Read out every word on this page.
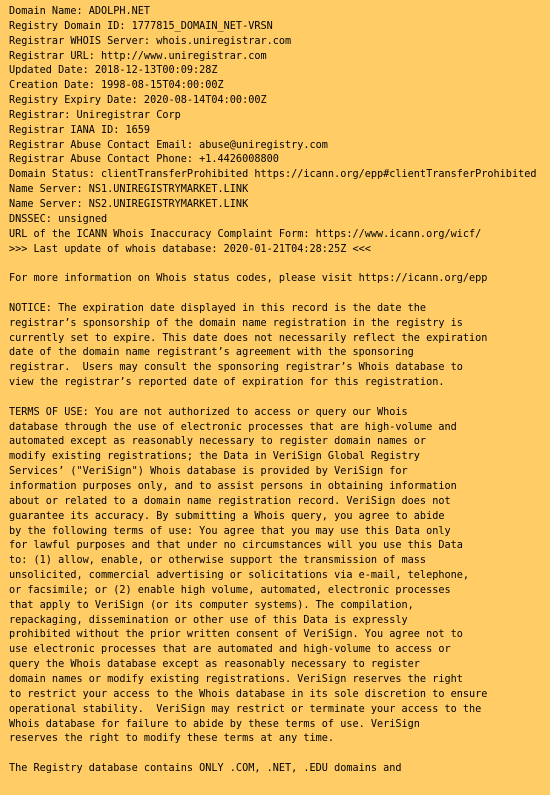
Domain Name: ADOLPH.NET
Registry Domain ID: 1777815_DOMAIN_NET-VRSN
Registrar WHOIS Server: whois.uniregistrar.com
Registrar URL: http://www.uniregistrar.com
Updated Date: 2018-12-13T00:09:28Z
Creation Date: 1998-08-15T04:00:00Z
Registry Expiry Date: 2020-08-14T04:00:00Z
Registrar: Uniregistrar Corp
Registrar IANA ID: 1659
Registrar Abuse Contact Email: abuse@uniregistry.com
Registrar Abuse Contact Phone: +1.4426008800
Domain Status: clientTransferProhibited https://icann.org/epp#clientTransferProhibited
Name Server: NS1.UNIREGISTRYMARKET.LINK
Name Server: NS2.UNIREGISTRYMARKET.LINK
DNSSEC: unsigned
URL of the ICANN Whois Inaccuracy Complaint Form: https://www.icann.org/wicf/
>>> Last update of whois database: 2020-01-21T04:28:25Z <<<
For more information on Whois status codes, please visit https://icann.org/epp
NOTICE: The expiration date displayed in this record is the date the
registrar’s sponsorship of the domain name registration in the registry is
currently set to expire. This date does not necessarily reflect the expiration
date of the domain name registrant’s agreement with the sponsoring
registrar.  Users may consult the sponsoring registrar’s Whois database to
view the registrar’s reported date of expiration for this registration.
TERMS OF USE: You are not authorized to access or query our Whois
database through the use of electronic processes that are high-volume and
automated except as reasonably necessary to register domain names or
modify existing registrations; the Data in VeriSign Global Registry
Services’ ("VeriSign") Whois database is provided by VeriSign for
information purposes only, and to assist persons in obtaining information
about or related to a domain name registration record. VeriSign does not
guarantee its accuracy. By submitting a Whois query, you agree to abide
by the following terms of use: You agree that you may use this Data only
for lawful purposes and that under no circumstances will you use this Data
to: (1) allow, enable, or otherwise support the transmission of mass
unsolicited, commercial advertising or solicitations via e-mail, telephone,
or facsimile; or (2) enable high volume, automated, electronic processes
that apply to VeriSign (or its computer systems). The compilation,
repackaging, dissemination or other use of this Data is expressly
prohibited without the prior written consent of VeriSign. You agree not to
use electronic processes that are automated and high-volume to access or
query the Whois database except as reasonably necessary to register
domain names or modify existing registrations. VeriSign reserves the right
to restrict your access to the Whois database in its sole discretion to ensure
operational stability.  VeriSign may restrict or terminate your access to the
Whois database for failure to abide by these terms of use. VeriSign
reserves the right to modify these terms at any time.
The Registry database contains ONLY .COM, .NET, .EDU domains and
